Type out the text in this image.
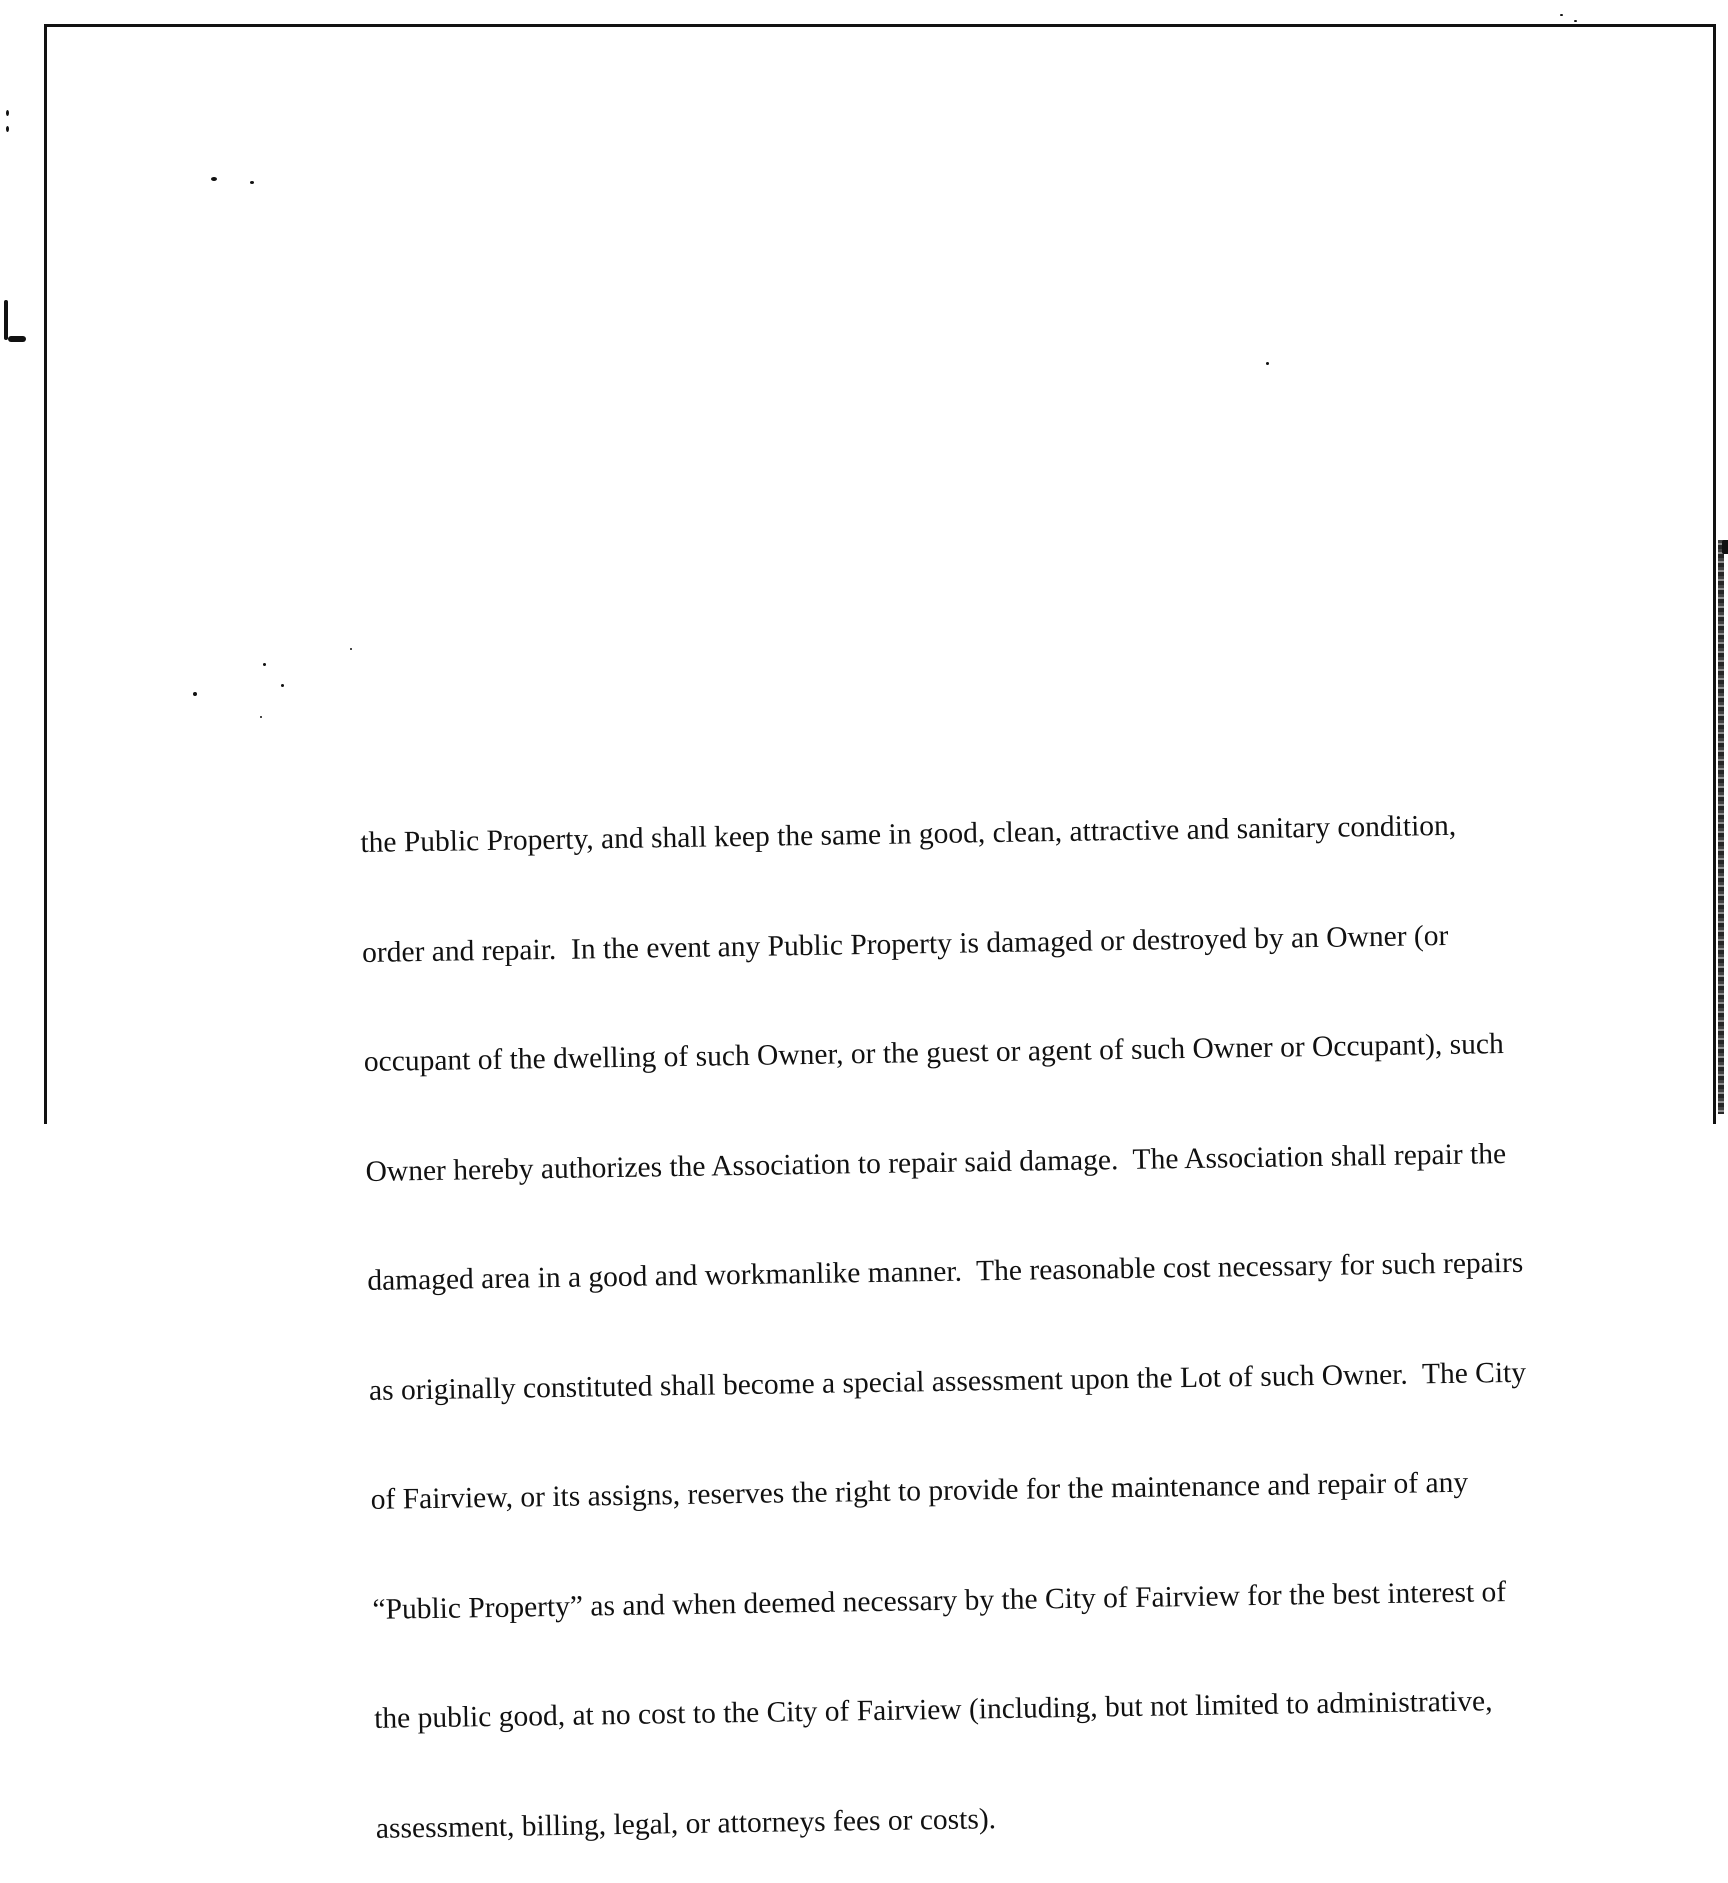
the Public Property, and shall keep the same in good, clean, attractive and sanitary condition,

order and repair.  In the event any Public Property is damaged or destroyed by an Owner (or

occupant of the dwelling of such Owner, or the guest or agent of such Owner or Occupant), such

Owner hereby authorizes the Association to repair said damage.  The Association shall repair the

damaged area in a good and workmanlike manner.  The reasonable cost necessary for such repairs

as originally constituted shall become a special assessment upon the Lot of such Owner.  The City

of Fairview, or its assigns, reserves the right to provide for the maintenance and repair of any

“Public Property” as and when deemed necessary by the City of Fairview for the best interest of

the public good, at no cost to the City of Fairview (including, but not limited to administrative,

assessment, billing, legal, or attorneys fees or costs).
